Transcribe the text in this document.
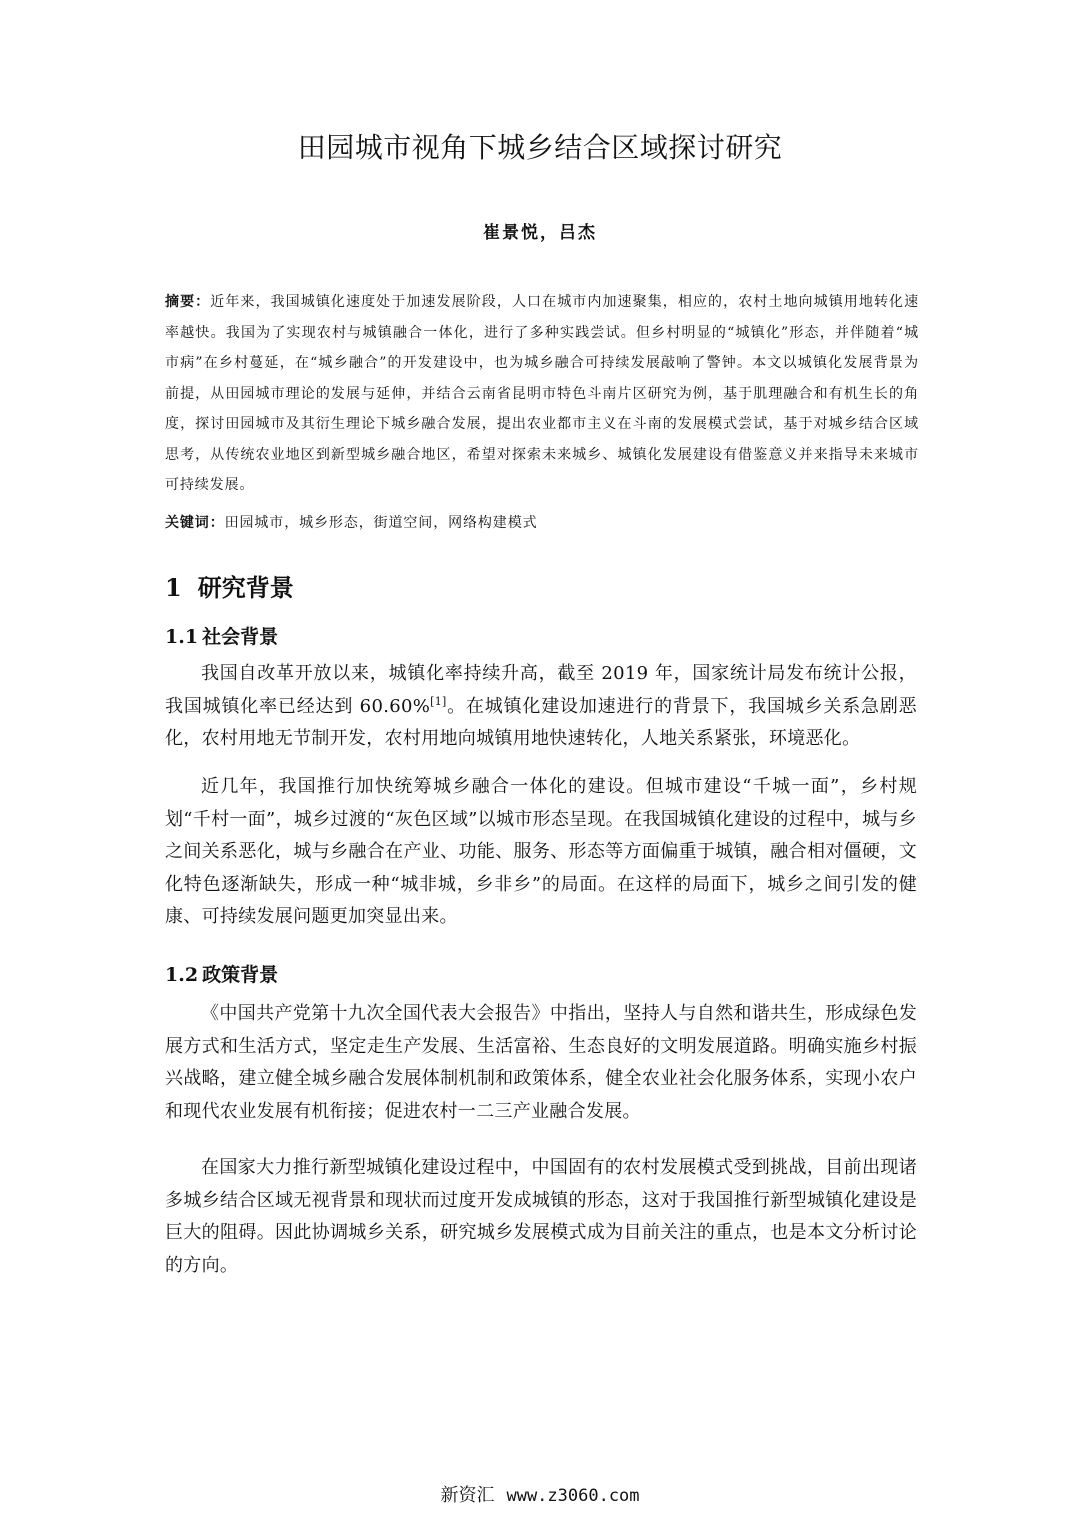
田园城市视角下城乡结合区域探讨研究
崔景悦，吕杰
摘要：近年来，我国城镇化速度处于加速发展阶段，人口在城市内加速聚集，相应的，农村土地向城镇用地转化速率越快。我国为了实现农村与城镇融合一体化，进行了多种实践尝试。但乡村明显的“城镇化”形态，并伴随着“城市病”在乡村蔓延，在“城乡融合”的开发建设中，也为城乡融合可持续发展敲响了警钟。本文以城镇化发展背景为前提，从田园城市理论的发展与延伸，并结合云南省昆明市特色斗南片区研究为例，基于肌理融合和有机生长的角度，探讨田园城市及其衍生理论下城乡融合发展，提出农业都市主义在斗南的发展模式尝试，基于对城乡结合区域思考，从传统农业地区到新型城乡融合地区，希望对探索未来城乡、城镇化发展建设有借鉴意义并来指导未来城市可持续发展。
关键词：田园城市，城乡形态，街道空间，网络构建模式
1 研究背景
1.1 社会背景

我国自改革开放以来，城镇化率持续升高，截至 2019 年，国家统计局发布统计公报，我国城镇化率已经达到 60.60%[1]。在城镇化建设加速进行的背景下，我国城乡关系急剧恶化，农村用地无节制开发，农村用地向城镇用地快速转化，人地关系紧张，环境恶化。

近几年，我国推行加快统筹城乡融合一体化的建设。但城市建设“千城一面”，乡村规划“千村一面”，城乡过渡的“灰色区域”以城市形态呈现。在我国城镇化建设的过程中，城与乡之间关系恶化，城与乡融合在产业、功能、服务、形态等方面偏重于城镇，融合相对僵硬，文化特色逐渐缺失，形成一种“城非城，乡非乡”的局面。在这样的局面下，城乡之间引发的健康、可持续发展问题更加突显出来。

1.2 政策背景

《中国共产党第十九次全国代表大会报告》中指出，坚持人与自然和谐共生，形成绿色发展方式和生活方式，坚定走生产发展、生活富裕、生态良好的文明发展道路。明确实施乡村振兴战略，建立健全城乡融合发展体制机制和政策体系，健全农业社会化服务体系，实现小农户和现代农业发展有机衔接；促进农村一二三产业融合发展。

在国家大力推行新型城镇化建设过程中，中国固有的农村发展模式受到挑战，目前出现诸多城乡结合区域无视背景和现状而过度开发成城镇的形态，这对于我国推行新型城镇化建设是巨大的阻碍。因此协调城乡关系，研究城乡发展模式成为目前关注的重点，也是本文分析讨论的方向。

新资汇 www.z3060.com
